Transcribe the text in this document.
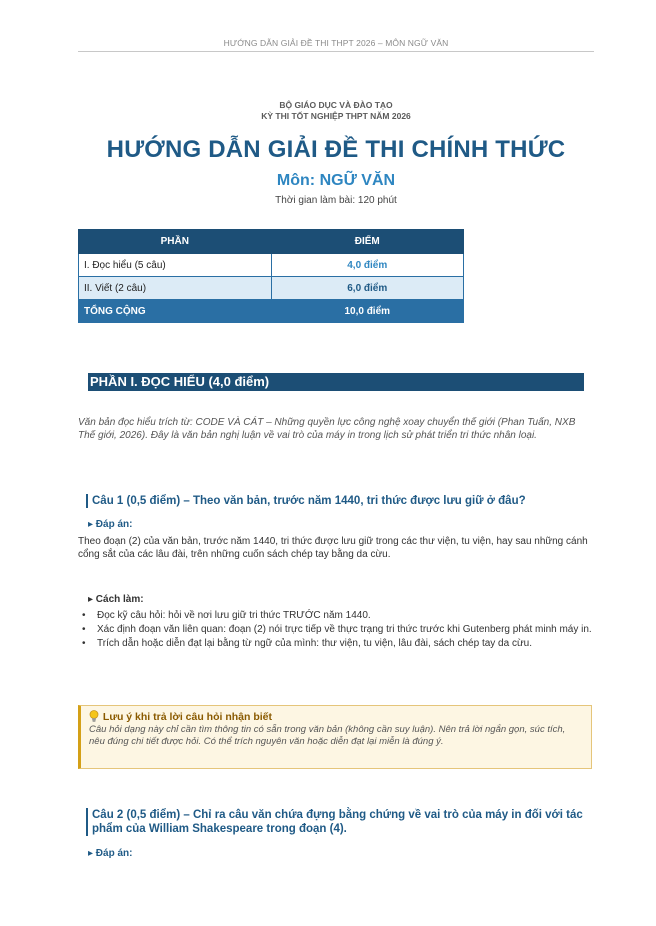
HƯỚNG DẪN GIẢI ĐỀ THI THPT 2026 – MÔN NGỮ VĂN
BỘ GIÁO DỤC VÀ ĐÀO TẠO
KỲ THI TỐT NGHIỆP THPT NĂM 2026
HƯỚNG DẪN GIẢI ĐỀ THI CHÍNH THỨC
Môn: NGỮ VĂN
Thời gian làm bài: 120 phút
PHẦN	ĐIỂM
I. Đọc hiểu (5 câu)	4,0 điểm
II. Viết (2 câu)	6,0 điểm
TỔNG CỘNG	10,0 điểm
PHẦN I. ĐỌC HIỂU (4,0 điểm)
Văn bản đọc hiểu trích từ: CODE VÀ CÁT – Những quyền lực công nghệ xoay chuyển thế giới (Phan Tuấn, NXB Thế giới, 2026). Đây là văn bản nghị luận về vai trò của máy in trong lịch sử phát triển tri thức nhân loại.
Câu 1 (0,5 điểm) – Theo văn bản, trước năm 1440, tri thức được lưu giữ ở đâu?
▸ Đáp án:
Theo đoạn (2) của văn bản, trước năm 1440, tri thức được lưu giữ trong các thư viện, tu viện, hay sau những cánh cổng sắt của các lâu đài, trên những cuốn sách chép tay bằng da cừu.
▸ Cách làm:
• Đọc kỹ câu hỏi: hỏi về nơi lưu giữ tri thức TRƯỚC năm 1440.
• Xác định đoạn văn liên quan: đoạn (2) nói trực tiếp về thực trạng tri thức trước khi Gutenberg phát minh máy in.
• Trích dẫn hoặc diễn đạt lại bằng từ ngữ của mình: thư viện, tu viện, lâu đài, sách chép tay da cừu.
Lưu ý khi trả lời câu hỏi nhận biết
Câu hỏi dạng này chỉ cần tìm thông tin có sẵn trong văn bản (không cần suy luận). Nên trả lời ngắn gọn, súc tích, nêu đúng chi tiết được hỏi. Có thể trích nguyên văn hoặc diễn đạt lại miễn là đúng ý.
Câu 2 (0,5 điểm) – Chỉ ra câu văn chứa đựng bằng chứng về vai trò của máy in đối với tác phẩm của William Shakespeare trong đoạn (4).
▸ Đáp án:
